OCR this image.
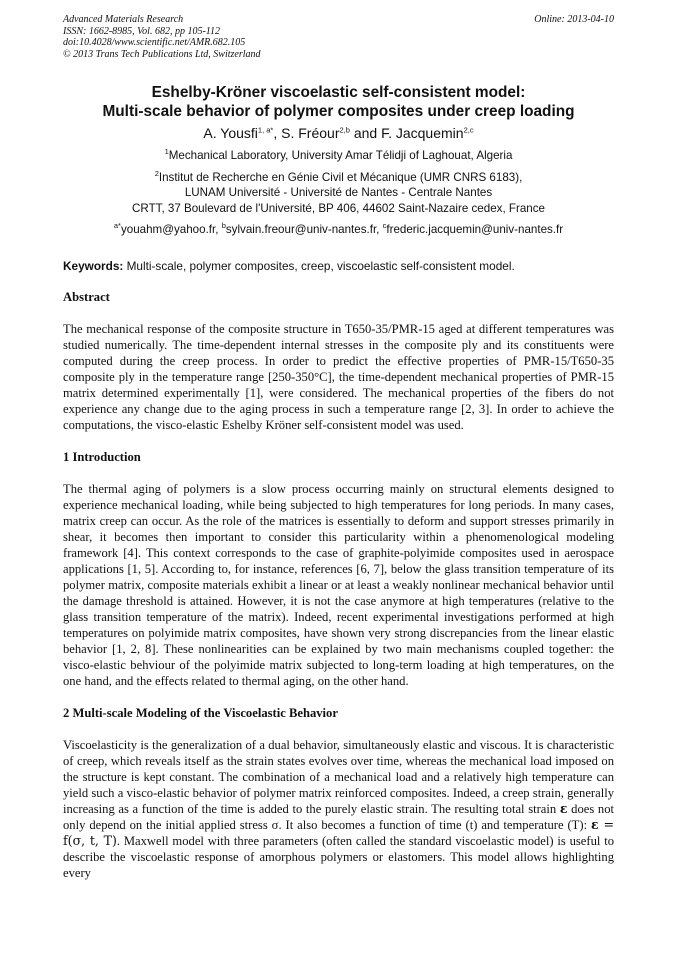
Advanced Materials Research
ISSN: 1662-8985, Vol. 682, pp 105-112
doi:10.4028/www.scientific.net/AMR.682.105
© 2013 Trans Tech Publications Ltd, Switzerland
Online: 2013-04-10
Eshelby-Kröner viscoelastic self-consistent model:
Multi-scale behavior of polymer composites under creep loading
A. Yousfi$^{1, a*}$, S. Fréour$^{2,b}$ and F. Jacquemin$^{2,c}$
$^1$Mechanical Laboratory, University Amar Télidji of Laghouat, Algeria
$^2$Institut de Recherche en Génie Civil et Mécanique (UMR CNRS 6183),
LUNAM Université - Université de Nantes - Centrale Nantes
CRTT, 37 Boulevard de l'Université, BP 406, 44602 Saint-Nazaire cedex, France
$^{a*}$youahm@yahoo.fr, $^b$sylvain.freour@univ-nantes.fr, $^c$frederic.jacquemin@univ-nantes.fr
Keywords: Multi-scale, polymer composites, creep, viscoelastic self-consistent model.
Abstract

The mechanical response of the composite structure in T650-35/PMR-15 aged at different temperatures was studied numerically. The time-dependent internal stresses in the composite ply and its constituents were computed during the creep process. In order to predict the effective properties of PMR-15/T650-35 composite ply in the temperature range [250-350°C], the time-dependent mechanical properties of PMR-15 matrix determined experimentally [1], were considered. The mechanical properties of the fibers do not experience any change due to the aging process in such a temperature range [2, 3]. In order to achieve the computations, the visco-elastic Eshelby Kröner self-consistent model was used.

1 Introduction

The thermal aging of polymers is a slow process occurring mainly on structural elements designed to experience mechanical loading, while being subjected to high temperatures for long periods. In many cases, matrix creep can occur. As the role of the matrices is essentially to deform and support stresses primarily in shear, it becomes then important to consider this particularity within a phenomenological modeling framework [4]. This context corresponds to the case of graphite-polyimide composites used in aerospace applications [1, 5]. According to, for instance, references [6, 7], below the glass transition temperature of its polymer matrix, composite materials exhibit a linear or at least a weakly nonlinear mechanical behavior until the damage threshold is attained. However, it is not the case anymore at high temperatures (relative to the glass transition temperature of the matrix). Indeed, recent experimental investigations performed at high temperatures on polyimide matrix composites, have shown very strong discrepancies from the linear elastic behavior [1, 2, 8]. These nonlinearities can be explained by two main mechanisms coupled together: the visco-elastic behviour of the polyimide matrix subjected to long-term loading at high temperatures, on the one hand, and the effects related to thermal aging, on the other hand.

2 Multi-scale Modeling of the Viscoelastic Behavior

Viscoelasticity is the generalization of a dual behavior, simultaneously elastic and viscous. It is characteristic of creep, which reveals itself as the strain states evolves over time, whereas the mechanical load imposed on the structure is kept constant. The combination of a mechanical load and a relatively high temperature can yield such a visco-elastic behavior of polymer matrix reinforced composites. Indeed, a creep strain, generally increasing as a function of the time is added to the purely elastic strain. The resulting total strain ε does not only depend on the initial applied stress σ. It also becomes a function of time (t) and temperature (T): ε = f(σ, t, T). Maxwell model with three parameters (often called the standard viscoelastic model) is useful to describe the viscoelastic response of amorphous polymers or elastomers. This model allows highlighting every
